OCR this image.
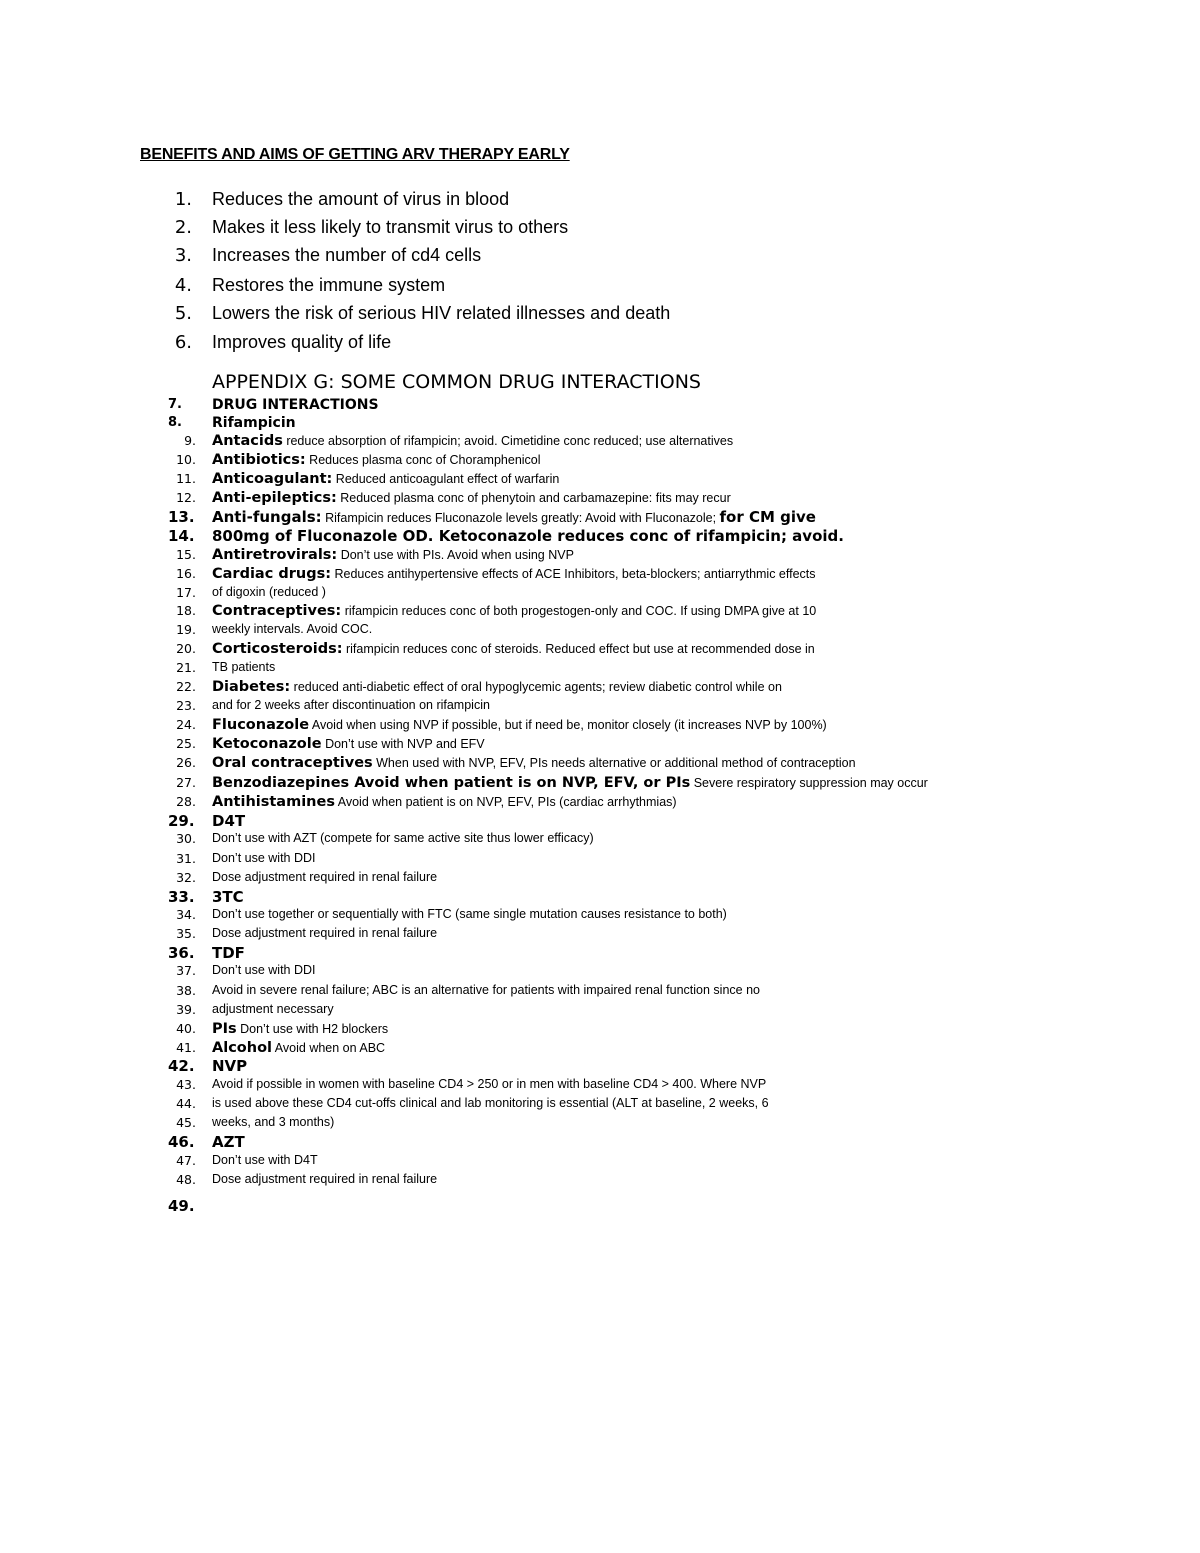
BENEFITS AND AIMS OF GETTING ARV THERAPY EARLY
1. Reduces the amount of virus in blood
2. Makes it less likely to transmit virus to others
3. Increases the number of cd4 cells
4. Restores the immune system
5. Lowers the risk of serious HIV related illnesses and death
6. Improves quality of life
APPENDIX G: SOME COMMON DRUG INTERACTIONS
7.	DRUG INTERACTIONS
8.	Rifampicin
9. Antacids reduce absorption of rifampicin; avoid. Cimetidine conc reduced; use alternatives
10. Antibiotics: Reduces plasma conc of Choramphenicol
11. Anticoagulant: Reduced anticoagulant effect of warfarin
12. Anti-epileptics: Reduced plasma conc of phenytoin and carbamazepine: fits may recur
13.	Anti-fungals: Rifampicin reduces Fluconazole levels greatly: Avoid with Fluconazole; for CM give
14.	800mg of Fluconazole OD. Ketoconazole reduces conc of rifampicin; avoid.
15. Antiretrovirals: Don’t use with PIs. Avoid when using NVP
16. Cardiac drugs: Reduces antihypertensive effects of ACE Inhibitors, beta-blockers; antiarrythmic effects
17. of digoxin (reduced )
18. Contraceptives: rifampicin reduces conc of both progestogen-only and COC. If using DMPA give at 10
19. weekly intervals. Avoid COC.
20. Corticosteroids: rifampicin reduces conc of steroids. Reduced effect but use at recommended dose in
21. TB patients
22. Diabetes: reduced anti-diabetic effect of oral hypoglycemic agents; review diabetic control while on
23. and for 2 weeks after discontinuation on rifampicin
24. Fluconazole Avoid when using NVP if possible, but if need be, monitor closely (it increases NVP by 100%)
25. Ketoconazole Don’t use with NVP and EFV
26. Oral contraceptives When used with NVP, EFV, PIs needs alternative or additional method of contraception
27. Benzodiazepines Avoid when patient is on NVP, EFV, or PIs Severe respiratory suppression may occur
28. Antihistamines Avoid when patient is on NVP, EFV, PIs (cardiac arrhythmias)
29.	D4T
30. Don’t use with AZT (compete for same active site thus lower efficacy)
31. Don’t use with DDI
32. Dose adjustment required in renal failure
33.	3TC
34. Don’t use together or sequentially with FTC (same single mutation causes resistance to both)
35. Dose adjustment required in renal failure
36.	TDF
37. Don’t use with DDI
38. Avoid in severe renal failure; ABC is an alternative for patients with impaired renal function since no
39. adjustment necessary
40. PIs Don’t use with H2 blockers
41. Alcohol Avoid when on ABC
42.	NVP
43. Avoid if possible in women with baseline CD4 > 250 or in men with baseline CD4 > 400. Where NVP
44. is used above these CD4 cut-offs clinical and lab monitoring is essential (ALT at baseline, 2 weeks, 6
45. weeks, and 3 months)
46.	AZT
47. Don’t use with D4T
48. Dose adjustment required in renal failure
49.
